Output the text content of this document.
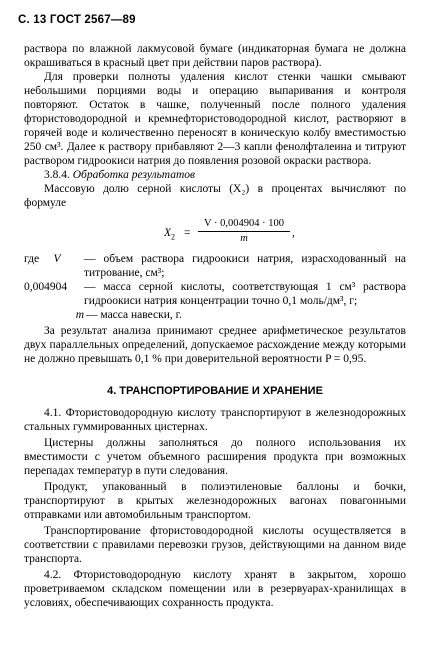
С. 13 ГОСТ 2567—89

раствора по влажной лакмусовой бумаге (индикаторная бумага не должна окрашиваться в красный цвет при действии паров раствора).

Для проверки полноты удаления кислот стенки чашки смывают небольшими порциями воды и операцию выпаривания и контроля повторяют. Остаток в чашке, полученный после полного удаления фтористоводородной и кремнефтористоводородной кислот, растворяют в горячей воде и количественно переносят в коническую колбу вместимостью 250 см³. Далее к раствору прибавляют 2—3 капли фенолфталеина и титруют раствором гидроокиси натрия до появления розовой окраски раствора.

3.8.4. Обработка результатов

Массовую долю серной кислоты (X₂) в процентах вычисляют по формуле

$X_2 = \frac{V \cdot 0,004904 \cdot 100}{m}$ ,
где V	— объем раствора гидроокиси натрия, израсходованный на титрование, см³;
0,004904	— масса серной кислоты, соответствующая 1 см³ раствора гидроокиси натрия концентрации точно 0,1 моль/дм³, г;
m — масса навески, г.

За результат анализа принимают среднее арифметическое результатов двух параллельных определений, допускаемое расхождение между которыми не должно превышать 0,1 % при доверительной вероятности P = 0,95.

4. ТРАНСПОРТИРОВАНИЕ И ХРАНЕНИЕ

4.1. Фтористоводородную кислоту транспортируют в железнодорожных стальных гуммированных цистернах.

Цистерны должны заполняться до полного использования их вместимости с учетом объемного расширения продукта при возможных перепадах температур в пути следования.

Продукт, упакованный в полиэтиленовые баллоны и бочки, транспортируют в крытых железнодорожных вагонах повагонными отправками или автомобильным транспортом.

Транспортирование фтористоводородной кислоты осуществляется в соответствии с правилами перевозки грузов, действующими на данном виде транспорта.

4.2. Фтористоводородную кислоту хранят в закрытом, хорошо проветриваемом складском помещении или в резервуарах-хранилищах в условиях, обеспечивающих сохранность продукта.
